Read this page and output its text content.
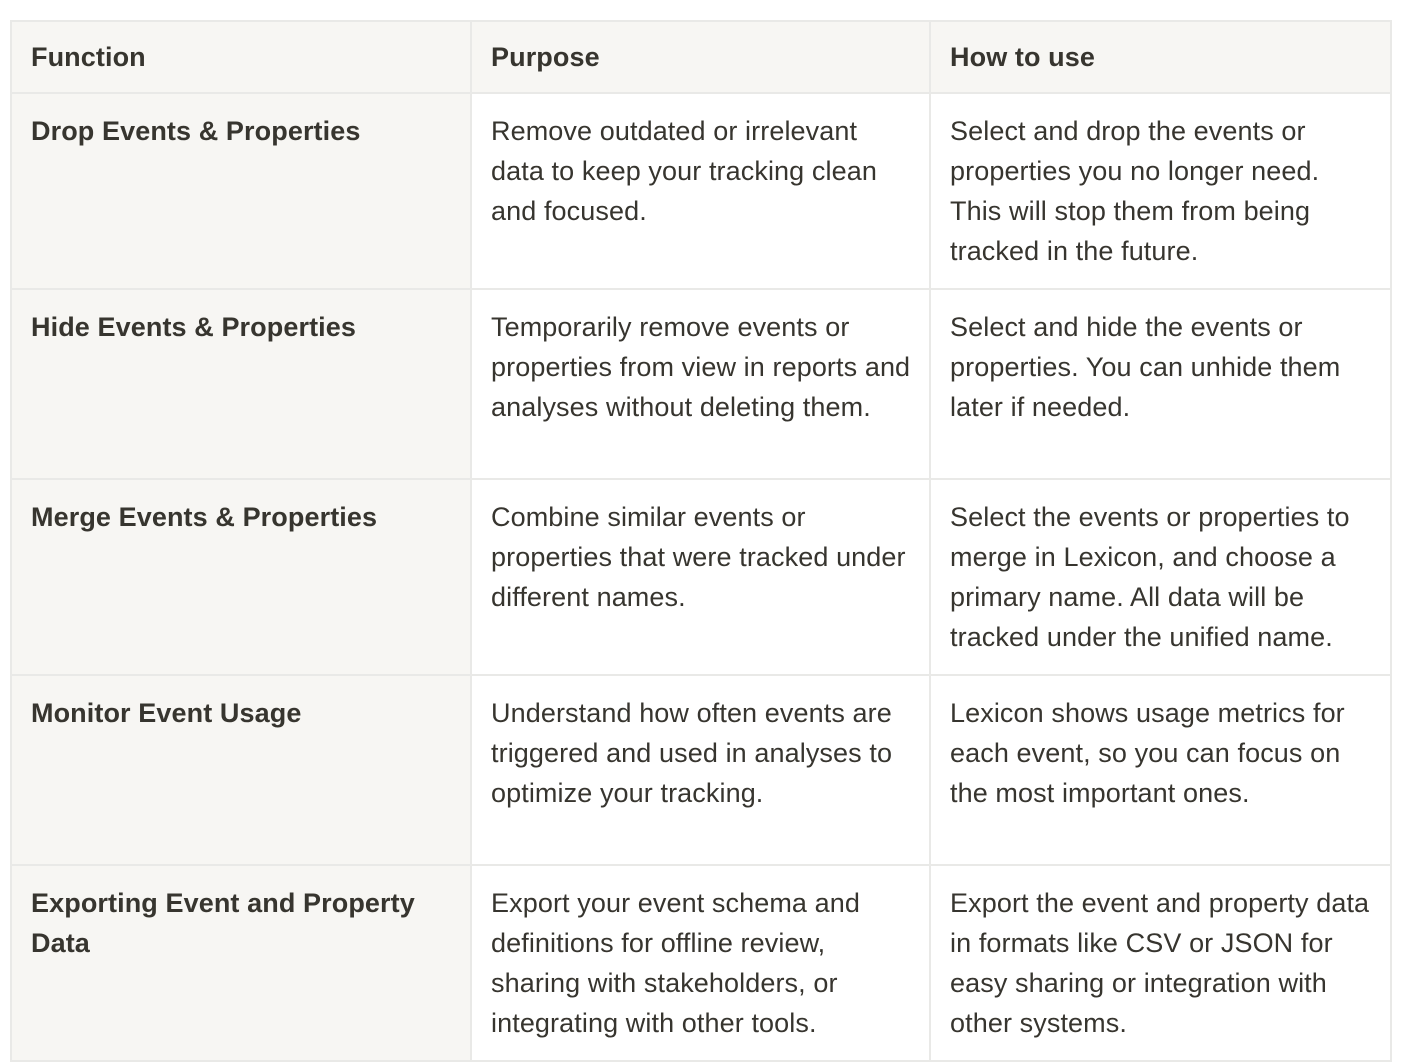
Function	Purpose	How to use
Drop Events & Properties	Remove outdated or irrelevant data to keep your tracking clean and focused.	Select and drop the events or properties you no longer need. This will stop them from being tracked in the future.
Hide Events & Properties	Temporarily remove events or properties from view in reports and analyses without deleting them.	Select and hide the events or properties. You can unhide them later if needed.
Merge Events & Properties	Combine similar events or properties that were tracked under different names.	Select the events or properties to merge in Lexicon, and choose a primary name. All data will be tracked under the unified name.
Monitor Event Usage	Understand how often events are triggered and used in analyses to optimize your tracking.	Lexicon shows usage metrics for each event, so you can focus on the most important ones.
Exporting Event and Property Data	Export your event schema and definitions for offline review, sharing with stakeholders, or integrating with other tools.	Export the event and property data in formats like CSV or JSON for easy sharing or integration with other systems.
